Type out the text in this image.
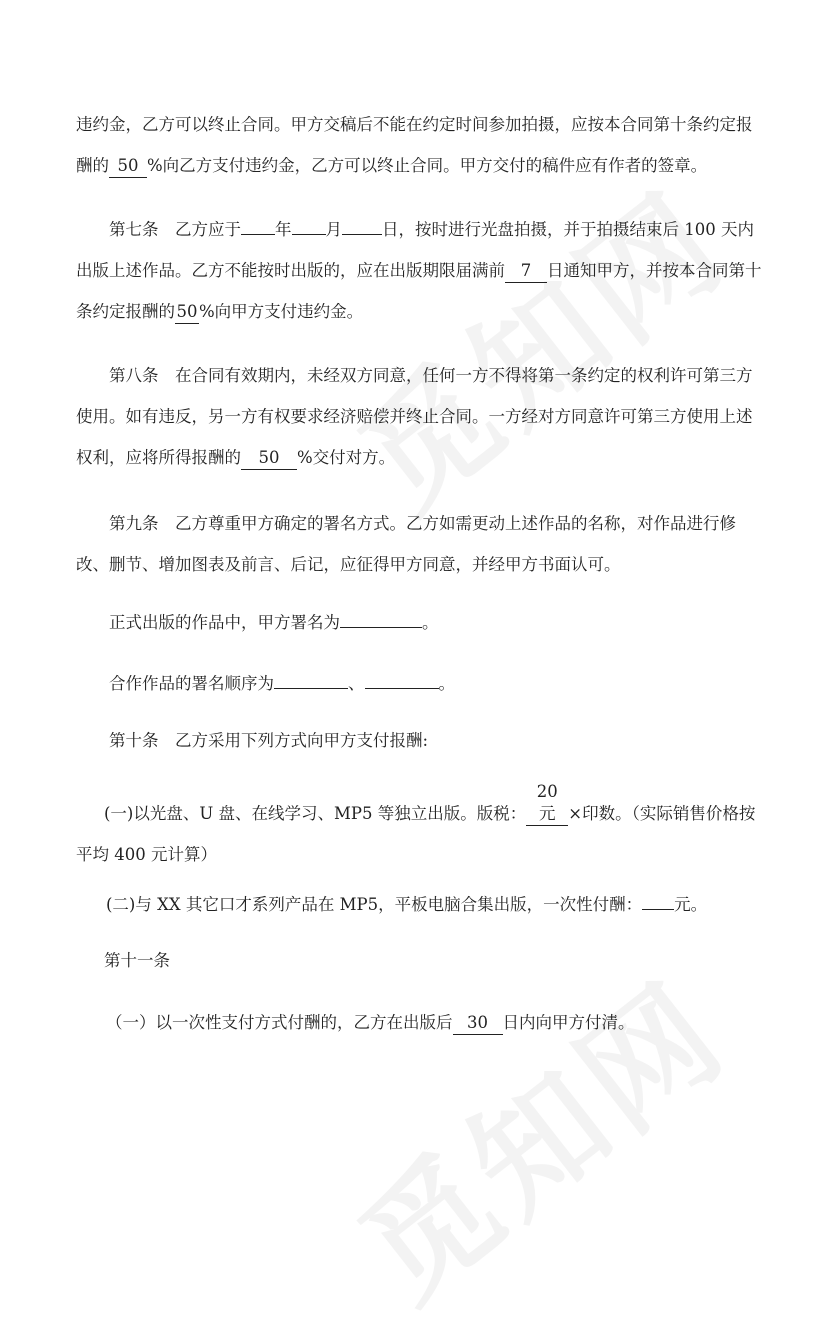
违约金，乙方可以终止合同。甲方交稿后不能在约定时间参加拍摄，应按本合同第十条约定报
酬的 50 %向乙方支付违约金，乙方可以终止合同。甲方交付的稿件应有作者的签章。

第七条　乙方应于 年 月 日，按时进行光盘拍摄，并于拍摄结束后 100 天内出版上述作品。乙方不能按时出版的，应在出版期限届满前 7 日通知甲方，并按本合同第十条约定报酬的50%向甲方支付违约金。

第八条　在合同有效期内，未经双方同意，任何一方不得将第一条约定的权利许可第三方使用。如有违反，另一方有权要求经济赔偿并终止合同。一方经对方同意许可第三方使用上述权利，应将所得报酬的 50 %交付对方。

第九条　乙方尊重甲方确定的署名方式。乙方如需更动上述作品的名称，对作品进行修改、删节、增加图表及前言、后记，应征得甲方同意，并经甲方书面认可。

正式出版的作品中，甲方署名为	。

合作作品的署名顺序为	、	。

第十条　乙方采用下列方式向甲方支付报酬:

(一)以光盘、U 盘、在线学习、MP5 等独立出版。版税：20 元 ×印数。（实际销售价格按平均 400 元计算）

(二)与 XX 其它口才系列产品在 MP5，平板电脑合集出版，一次性付酬： 元。

第十一条

（一）以一次性支付方式付酬的，乙方在出版后 30 日内向甲方付清。
